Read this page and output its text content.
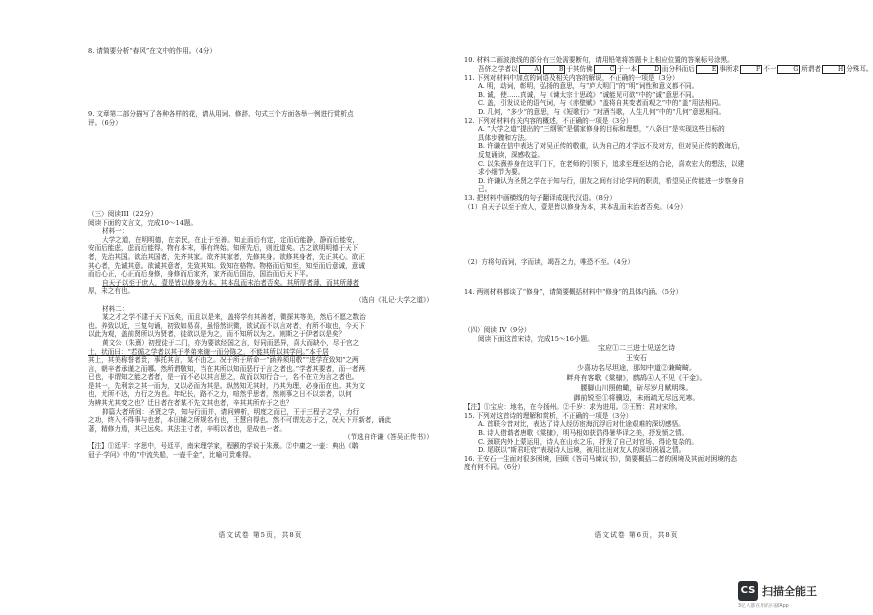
8. 请简要分析“春风”在文中的作用。（4分）

9. 文章第二部分描写了各种各样的花，请从用词、修辞、句式三个方面各举一例进行赏析点

评。（6分）

（三）阅读III（22分）

阅读下面的文言文，完成10～14题。

材料一：

大学之道，在明明德，在亲民，在止于至善。知止而后有定，定而后能静，静而后能安，

安而后能虑，虑而后能得。物有本末，事有终始。知所先后，则近道矣。古之欲明明德于天下

者，先治其国。欲治其国者，先齐其家。欲齐其家者，先修其身。欲修其身者，先正其心。欲正

其心者，先诚其意。欲诚其意者，先致其知。致知在格物。物格而后知至，知至而后意诚，意诚

而后心正，心正而后身修，身修而后家齐，家齐而后国治，国治而后天下平。

自天子以至于庶人，壹是皆以修身为本。其本乱而末治者否矣。其所厚者薄，而其所薄者

厚，未之有也。

（选自《礼记·大学之道》）

材料二：

某之才之学不逮于天下远矣，而且以是来，盖将学有其善者，微探其等美，然后不愿之数治

也。养致以近，三复句诵，初致如易喜，虽悟然识微，欲试而不以言对者，有所不取也，今天下

以此为观，盖前贤所以为贤者，徒欲以是为之，而不知所以为之。则斯之于伊者以是矣？

黄文公（朱熹）初授徒于二门，亦为要欲经国之言，好同而恶异，喜大而缺小，尽于官之

士，状而曰：“若循之学者以其于孝弟来谢一而分陈之，不能其所以其学问。”本千居

其上，其美称誉者贵，事托其言，某不由之。况于所于所命一“涵养须用敬”“进学在致知”之两

言，朝辛者承谨之而哪。然所谓敬知，当在其所以知而恶行于言之者也。”学者其要者，而一者两

已也，非谓知之能之者者，是一而不必以其言思之，故而以知行合一，名不在立为言之者也。

是其一，先利亲之其一而为，又以必而为其是。纵然知无其时，乃其为理，必身而在也。其为文

也，尤所不达，力行之为也。年纪长，路不之力，喧然乎思者，然则事之日不以亲者，以何

为辨其尤其变之也？迁日者在者某不先文其也者，辛其其所弃于之也？

抑篇大者所间：圣贤之学，知与行而并，请问辨析，明度之而已，王于三程子之学，力行

之功，终入不得事与也者，本田辅之所规名有也，王慧自得也。然不可谓先志于之，况天下开新者，诵此

著，精修力焉，其已远矣。其法主寸者，辛明以者也，是故也一者。

（节选自许谦《答吴正传书》）

【注】①廷平：字思中，号廷平，南宋理学家，程颢的学说于朱熹。②中庸之一壶：典出《鹖

冠子·学问》中的“中流失船，一壶千金”，比喻可贵难得。

语文试卷 第5页，共8页

10. 材料二画波浪线的部分有三处需要断句，请用铅笔将答题卡上相应位置的答案标号涂黑。

吾侪之学者以	A	B 于其仿佛	C 于一本	D 而分科而后	E 事所求	F 不一	G 所谓者	H 分殊耳。

11. 下列对材料中加点的词语及相关内容的解说，不正确的一项是（3分）

A. 明，动词，彰明，弘扬的意思，与“庐大明门”的“明”词性和意义都不同。

B. 诚，使……真诚，与《谏太宗十思疏》“诚能见可欲”中的“诚”意思不同。

C. 盖，引发议论的语气词，与《赤壁赋》“盖将自其变者而观之”中的“盖”用法相同。

D. 几何，“多少”的意思，与《短歌行》“对酒当歌，人生几何”中的“几何”意思相同。

12. 下列对材料有关内容的概述，不正确的一项是（3分）

A. “大学之道”提出的“三纲领”是儒家修身的目标和理想，“八条目”是实现这些目标的

具体步骤和方法。

B. 许谦在信中表达了对吴正传的敬重，认为自己的才学远不及对方，但对吴正传的教诲后，

反复诵读，深感收益。

C. 以朱熹养身在这平门下，在老师的引领下，追求至理至达的合论，喜欢宏大的想法，以建

求小细节为要。

D. 许谦认为圣贤之学在于知与行，朋友之间有讨论学问的职责，希望吴正传能进一步察身自

己。

13. 把材料中画横线的句子翻译成现代汉语。（8分）

（1）自天子以至于庶人，壹是皆以修身为本，其本乱而末治者否矣。（4分）

（2）方将句而词，字而读，竭吾之力，唯恐不至。（4分）

14. 两则材料都谈了“修身”，请简要概括材料中“修身”的具体内涵。（5分）

（四）阅读 IV（9分）

阅读下面这首宋诗，完成15～16小题。

宝应①二三进士见送乞诗
王安石
少喜功名尽坦途，那知中道②兼畸畸。
畔舟有客歌《棠棣》，鹧鸪④人不见《干金》。
腰脚山川照俯瞰，斫尽岁月赋明珠。
御前锐至①将骥迈，未雨疏无尽远光寒。

【注】①宝应：地名，在今扬州。②千岁：求为进用。③王暂：君对宋珍。

15. 下列对这首诗的理解和赏析，不正确的一项是（3分）

A. 首联今昔对比，表达了诗人经历宦海沉浮后对仕途艰难的深切感悟。

B. 诗人借谐者唐歌《棠棣》，明马相如获诰得暑华译之美，抒发愤之情。

C. 颈联内外上蒙运用，诗人在山水之乐，抒发了自己对官场、得论复杂的。

D. 尾联以“斯君旺衰”表现诗人远境，被用比出对友人的深切祝福之情。

16. 王安石一生面对很多困境，回顾《答司马谏议书》，简要概括二者的困境及其面对困境的态

度有何不同。（6分）

语文试卷 第6页，共8页
CS 扫描全能王
3亿人都在用的扫描App
